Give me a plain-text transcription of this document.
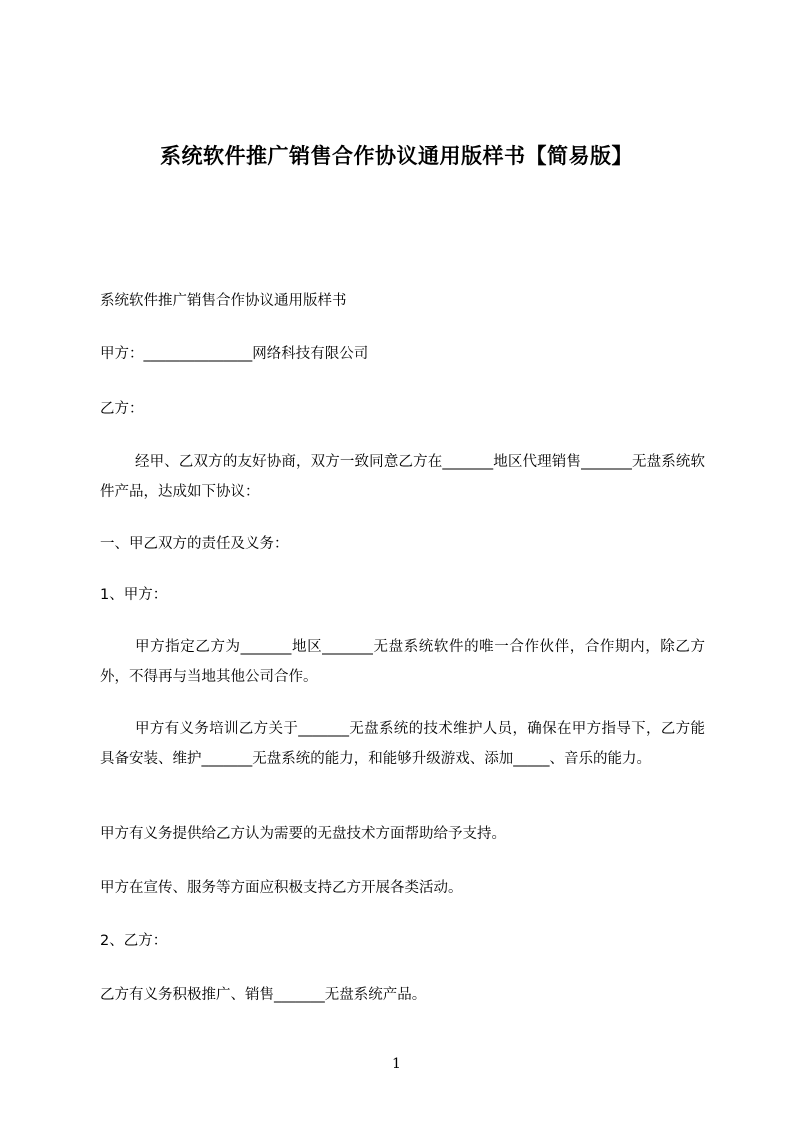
系统软件推广销售合作协议通用版样书【简易版】
系统软件推广销售合作协议通用版样书
甲方：_______________网络科技有限公司
乙方：
经甲、乙双方的友好协商，双方一致同意乙方在_______地区代理销售_______无盘系统软件产品，达成如下协议：
一、甲乙双方的责任及义务：
1、甲方：
甲方指定乙方为_______地区_______无盘系统软件的唯一合作伙伴，合作期内，除乙方外，不得再与当地其他公司合作。
甲方有义务培训乙方关于_______无盘系统的技术维护人员，确保在甲方指导下，乙方能具备安装、维护_______无盘系统的能力，和能够升级游戏、添加_____、音乐的能力。
甲方有义务提供给乙方认为需要的无盘技术方面帮助给予支持。
甲方在宣传、服务等方面应积极支持乙方开展各类活动。
2、乙方：
乙方有义务积极推广、销售_______无盘系统产品。
1
